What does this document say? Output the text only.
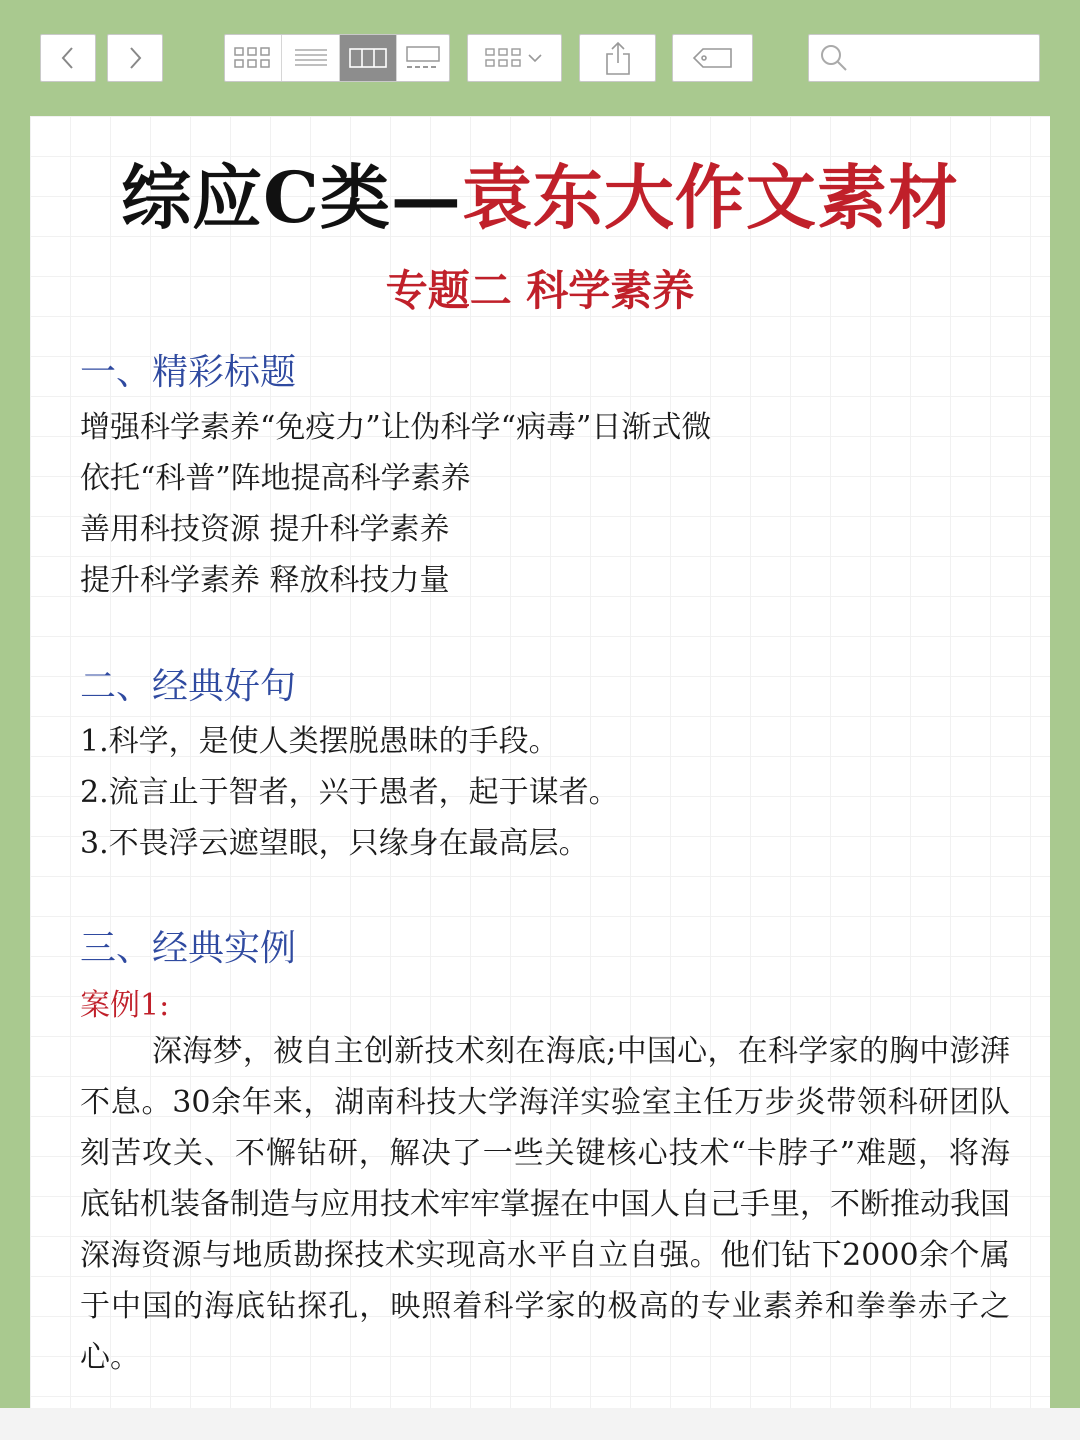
综应C类—袁东大作文素材
专题二 科学素养
一、精彩标题
增强科学素养“免疫力”让伪科学“病毒”日渐式微
依托“科普”阵地提高科学素养
善用科技资源 提升科学素养
提升科学素养 释放科技力量
二、经典好句
1.科学，是使人类摆脱愚昧的手段。
2.流言止于智者，兴于愚者，起于谋者。
3.不畏浮云遮望眼，只缘身在最高层。
三、经典实例
案例1:
深海梦，被自主创新技术刻在海底;中国心，在科学家的胸中澎湃不息。30余年来，湖南科技大学海洋实验室主任万步炎带领科研团队刻苦攻关、不懈钻研，解决了一些关键核心技术“卡脖子”难题，将海底钻机装备制造与应用技术牢牢掌握在中国人自己手里，不断推动我国深海资源与地质勘探技术实现高水平自立自强。他们钻下2000余个属于中国的海底钻探孔，映照着科学家的极高的专业素养和拳拳赤子之心。
